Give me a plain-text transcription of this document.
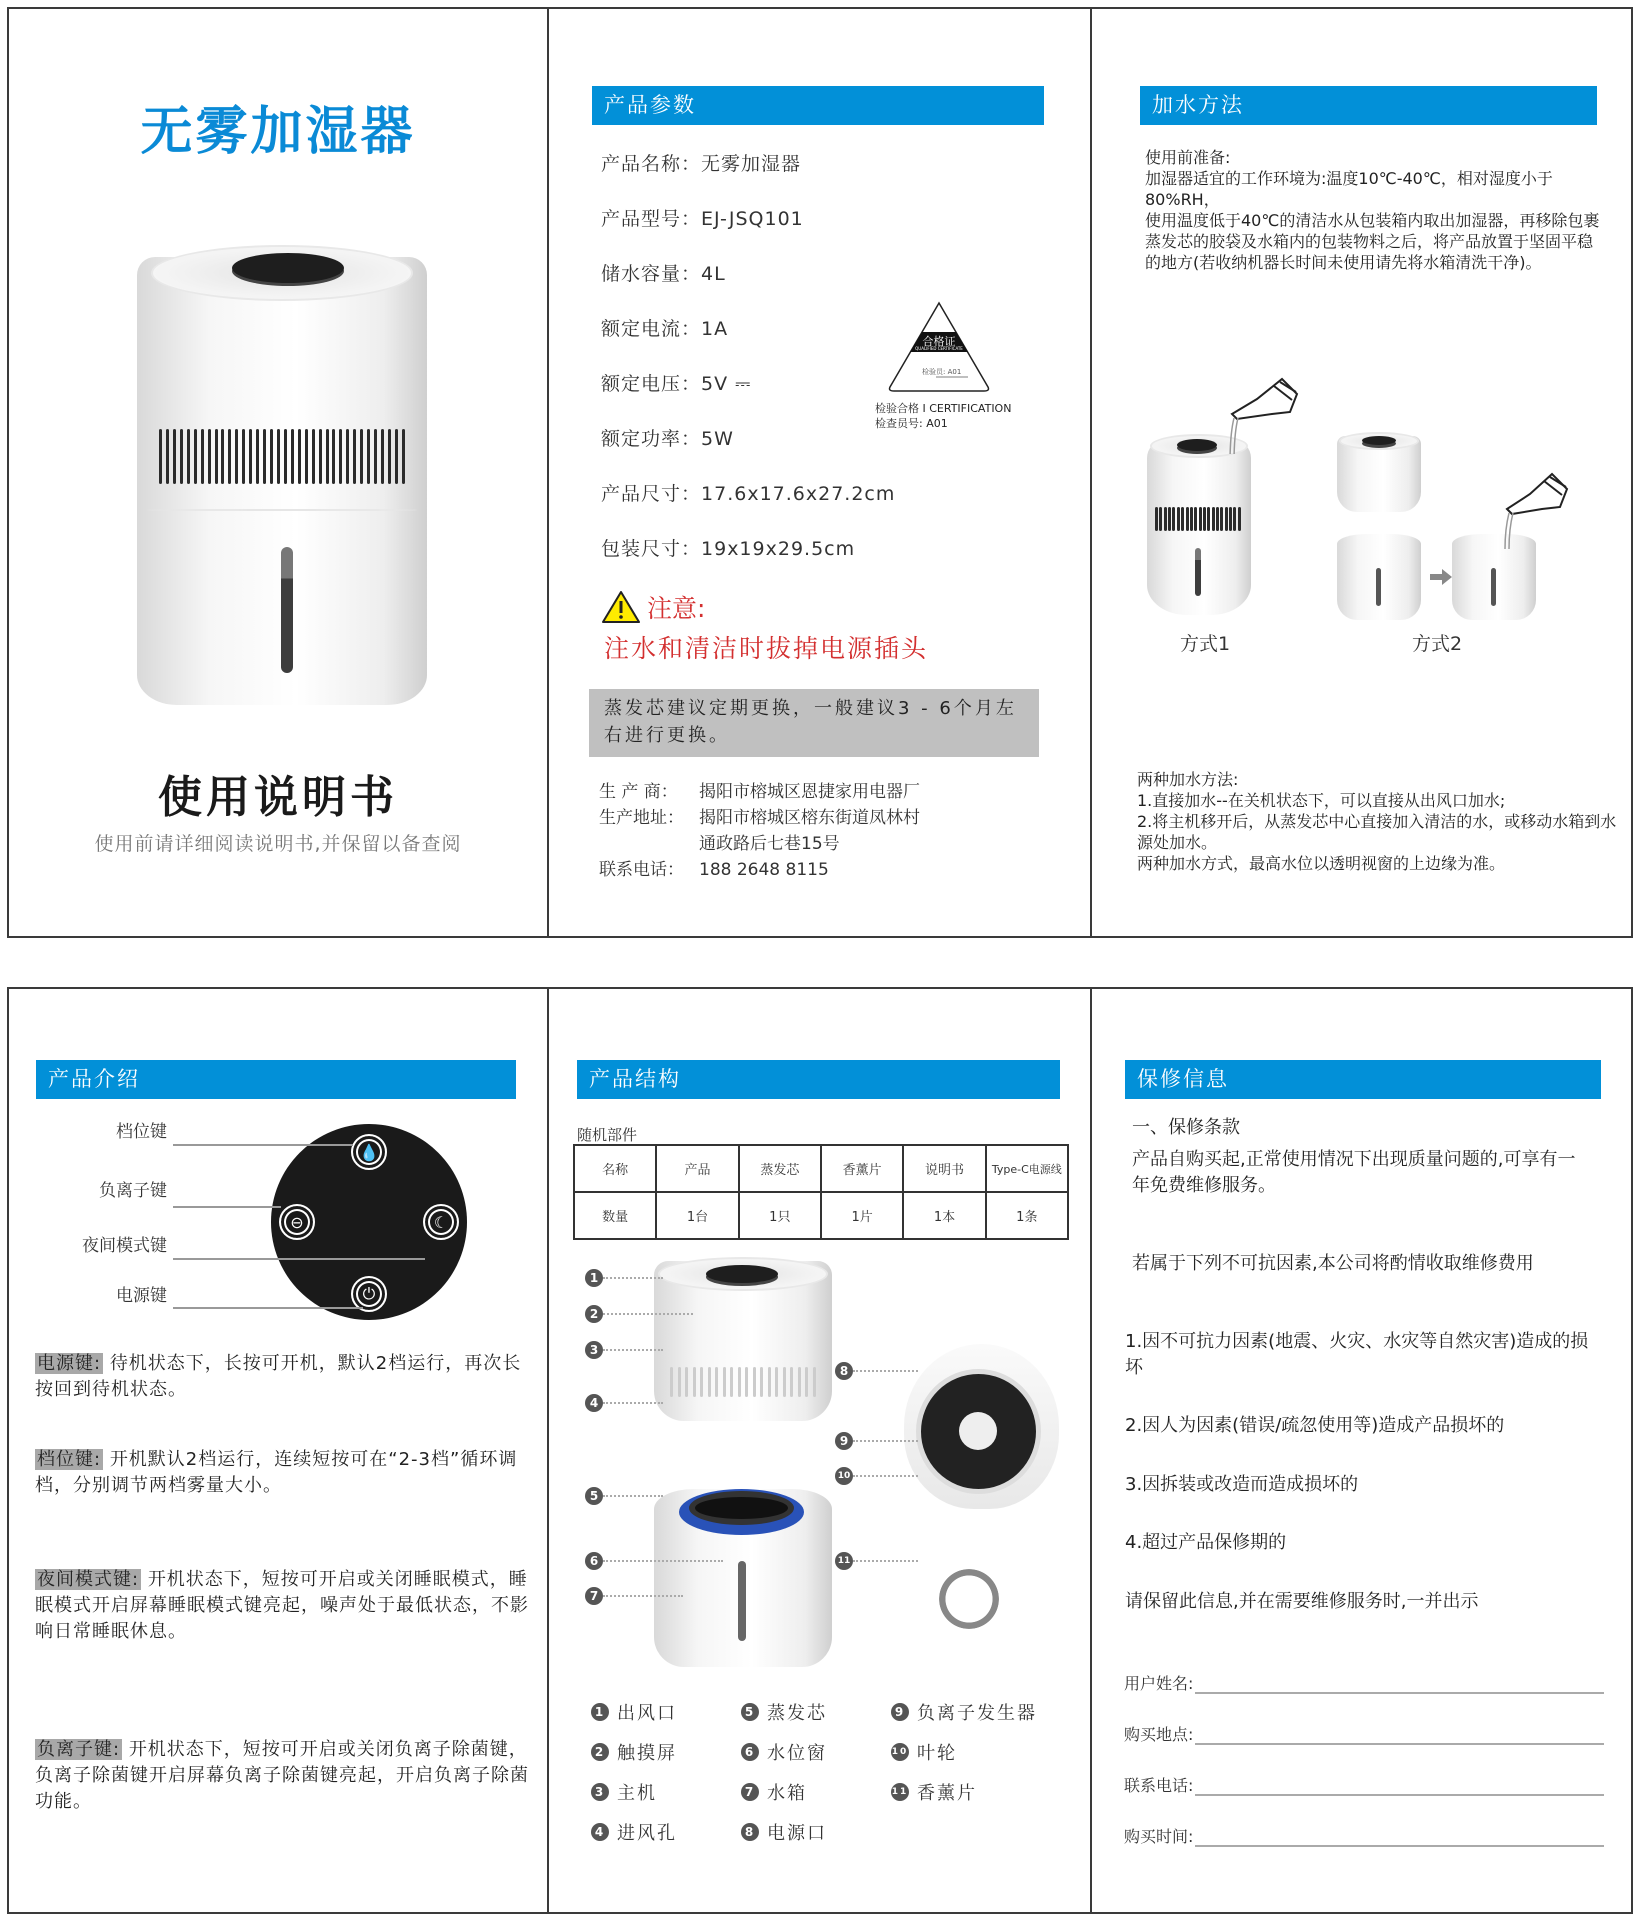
无雾加湿器
使用说明书
使用前请详细阅读说明书,并保留以备查阅
产品参数
产品名称：无雾加湿器
产品型号：EJ-JSQ101
储水容量：4L
额定电流：1A
额定电压：5V ⎓
额定功率：5W
产品尺寸：17.6x17.6x27.2cm
包装尺寸：19x19x29.5cm
合格证
QUALIFIED CERTIFICATE
检验员: A01
检验合格 I CERTIFICATION
检查员号: A01
注意:
注水和清洁时拔掉电源插头
蒸发芯建议定期更换，一般建议3 - 6个月左右进行更换。
生 产 商：	揭阳市榕城区恩捷家用电器厂
生产地址： 揭阳市榕城区榕东街道凤林村
通政路后七巷15号
联系电话： 188 2648 8115
加水方法
使用前准备:
加湿器适宜的工作环境为:温度10℃-40℃，相对湿度小于80%RH，
使用温度低于40℃的清洁水从包装箱内取出加湿器，再移除包裹
蒸发芯的胶袋及水箱内的包装物料之后，将产品放置于坚固平稳
的地方(若收纳机器长时间未使用请先将水箱清洗干净)。
方式1	方式2
两种加水方法:
1.直接加水--在关机状态下，可以直接从出风口加水;
2.将主机移开后，从蒸发芯中心直接加入清洁的水，或移动水箱到水源处加水。
两种加水方式，最高水位以透明视窗的上边缘为准。
产品介绍
档位键
负离子键
夜间模式键
电源键
💧
⊖	☾
⏻
电源键: 待机状态下，长按可开机，默认2档运行，再次长按回到待机状态。
档位键: 开机默认2档运行，连续短按可在“2-3档”循环调档，分别调节两档雾量大小。
夜间模式键: 开机状态下，短按可开启或关闭睡眠模式，睡眠模式开启屏幕睡眠模式键亮起，噪声处于最低状态，不影响日常睡眠休息。
负离子键: 开机状态下，短按可开启或关闭负离子除菌键，负离子除菌键开启屏幕负离子除菌键亮起，开启负离子除菌功能。
产品结构
随机部件
名称	产品	蒸发芯	香薰片	说明书	Type-C电源线
数量	1台	1只	1片	1本	1条
1
2
3
4
5
6
7
8
9
10
11
1 出风口	5 蒸发芯	9 负离子发生器
2 触摸屏	6 水位窗	10 叶轮
3 主机	7 水箱	11 香薰片
4 进风孔	8 电源口
保修信息
一、保修条款
产品自购买起,正常使用情况下出现质量问题的,可享有一年免费维修服务。
若属于下列不可抗因素,本公司将酌情收取维修费用
1.因不可抗力因素(地震、火灾、水灾等自然灾害)造成的损坏
2.因人为因素(错误/疏忽使用等)造成产品损坏的
3.因拆装或改造而造成损坏的
4.超过产品保修期的
请保留此信息,并在需要维修服务时,一并出示
用户姓名:
购买地点:
联系电话:
购买时间:
